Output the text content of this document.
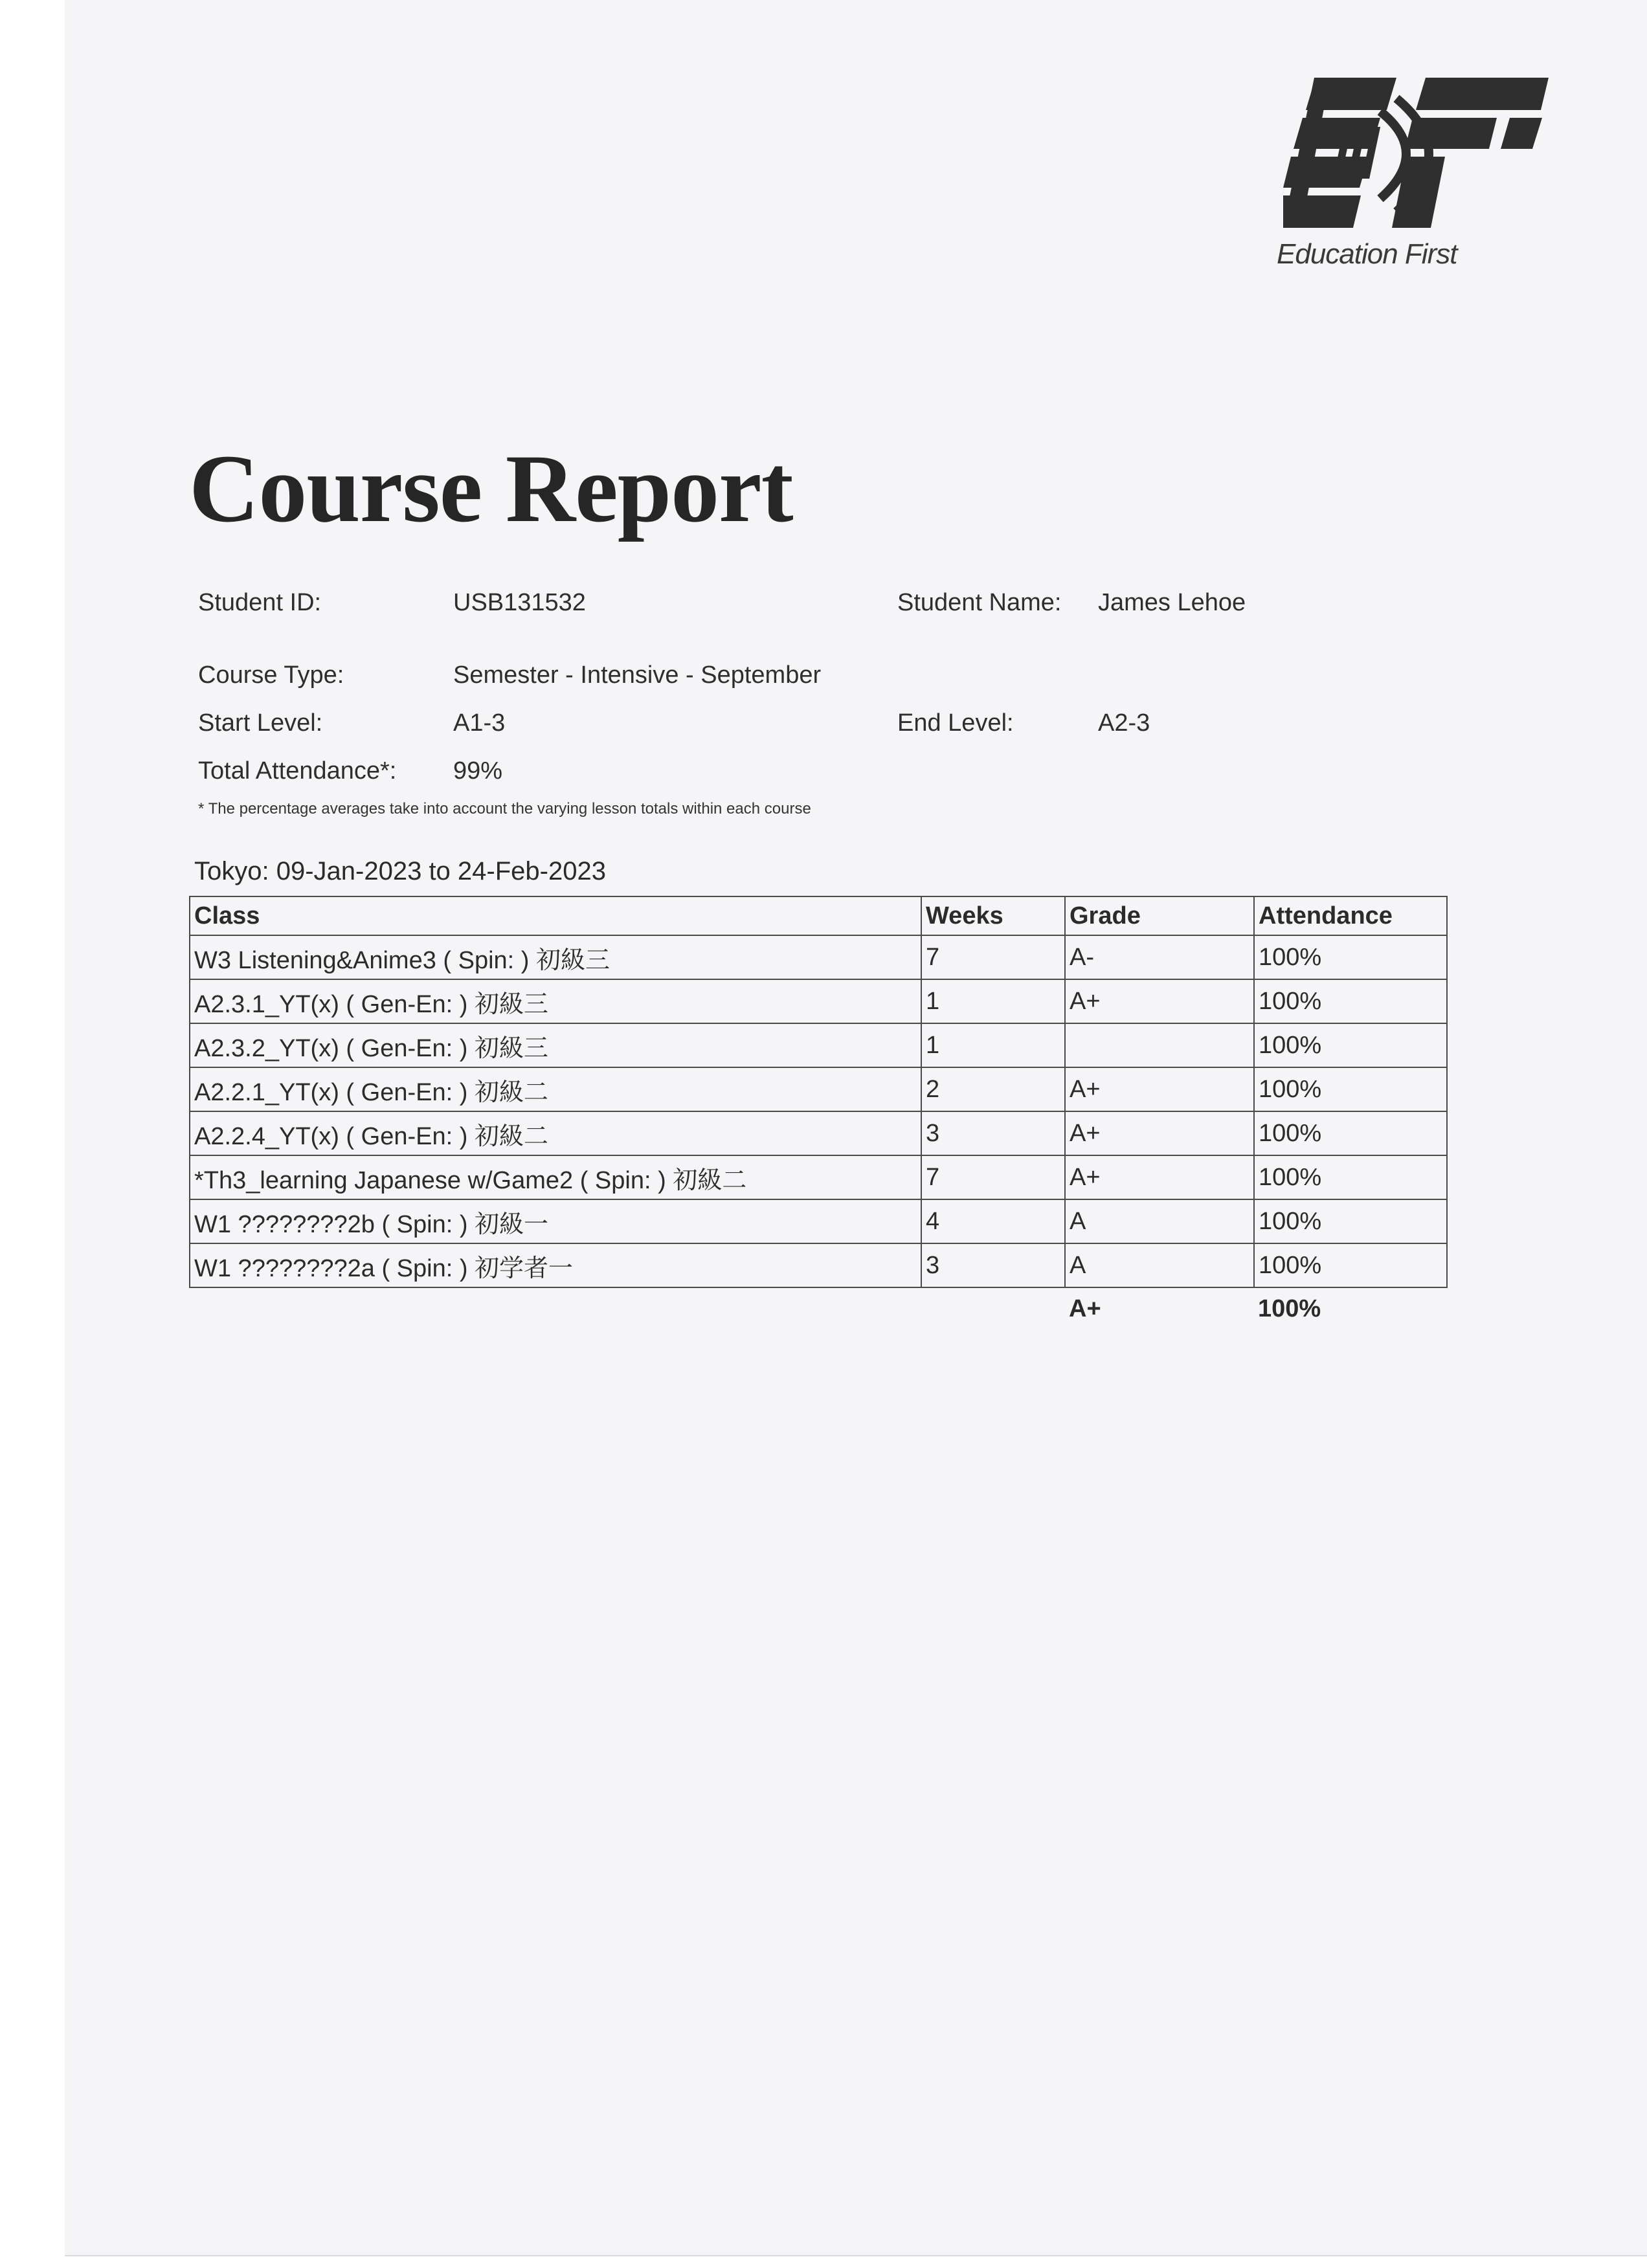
Education First
Course Report
Student ID:	USB131532	Student Name: James Lehoe
Course Type:	Semester - Intensive - September
Start Level:	A1-3	End Level:	A2-3
Total Attendance*: 99%
* The percentage averages take into account the varying lesson totals within each course
Tokyo: 09-Jan-2023 to 24-Feb-2023
Class	Weeks	Grade	Attendance
W3 Listening&Anime3 ( Spin: ) 初級三	7	A-	100%
A2.3.1_YT(x) ( Gen-En: ) 初級三	1	A+	100%
A2.3.2_YT(x) ( Gen-En: ) 初級三	1		100%
A2.2.1_YT(x) ( Gen-En: ) 初級二	2	A+	100%
A2.2.4_YT(x) ( Gen-En: ) 初級二	3	A+	100%
*Th3_learning Japanese w/Game2 ( Spin: ) 初級二	7	A+	100%
W1 ????????2b ( Spin: ) 初級一	4	A	100%
W1 ????????2a ( Spin: ) 初学者一	3	A	100%
		A+	100%
